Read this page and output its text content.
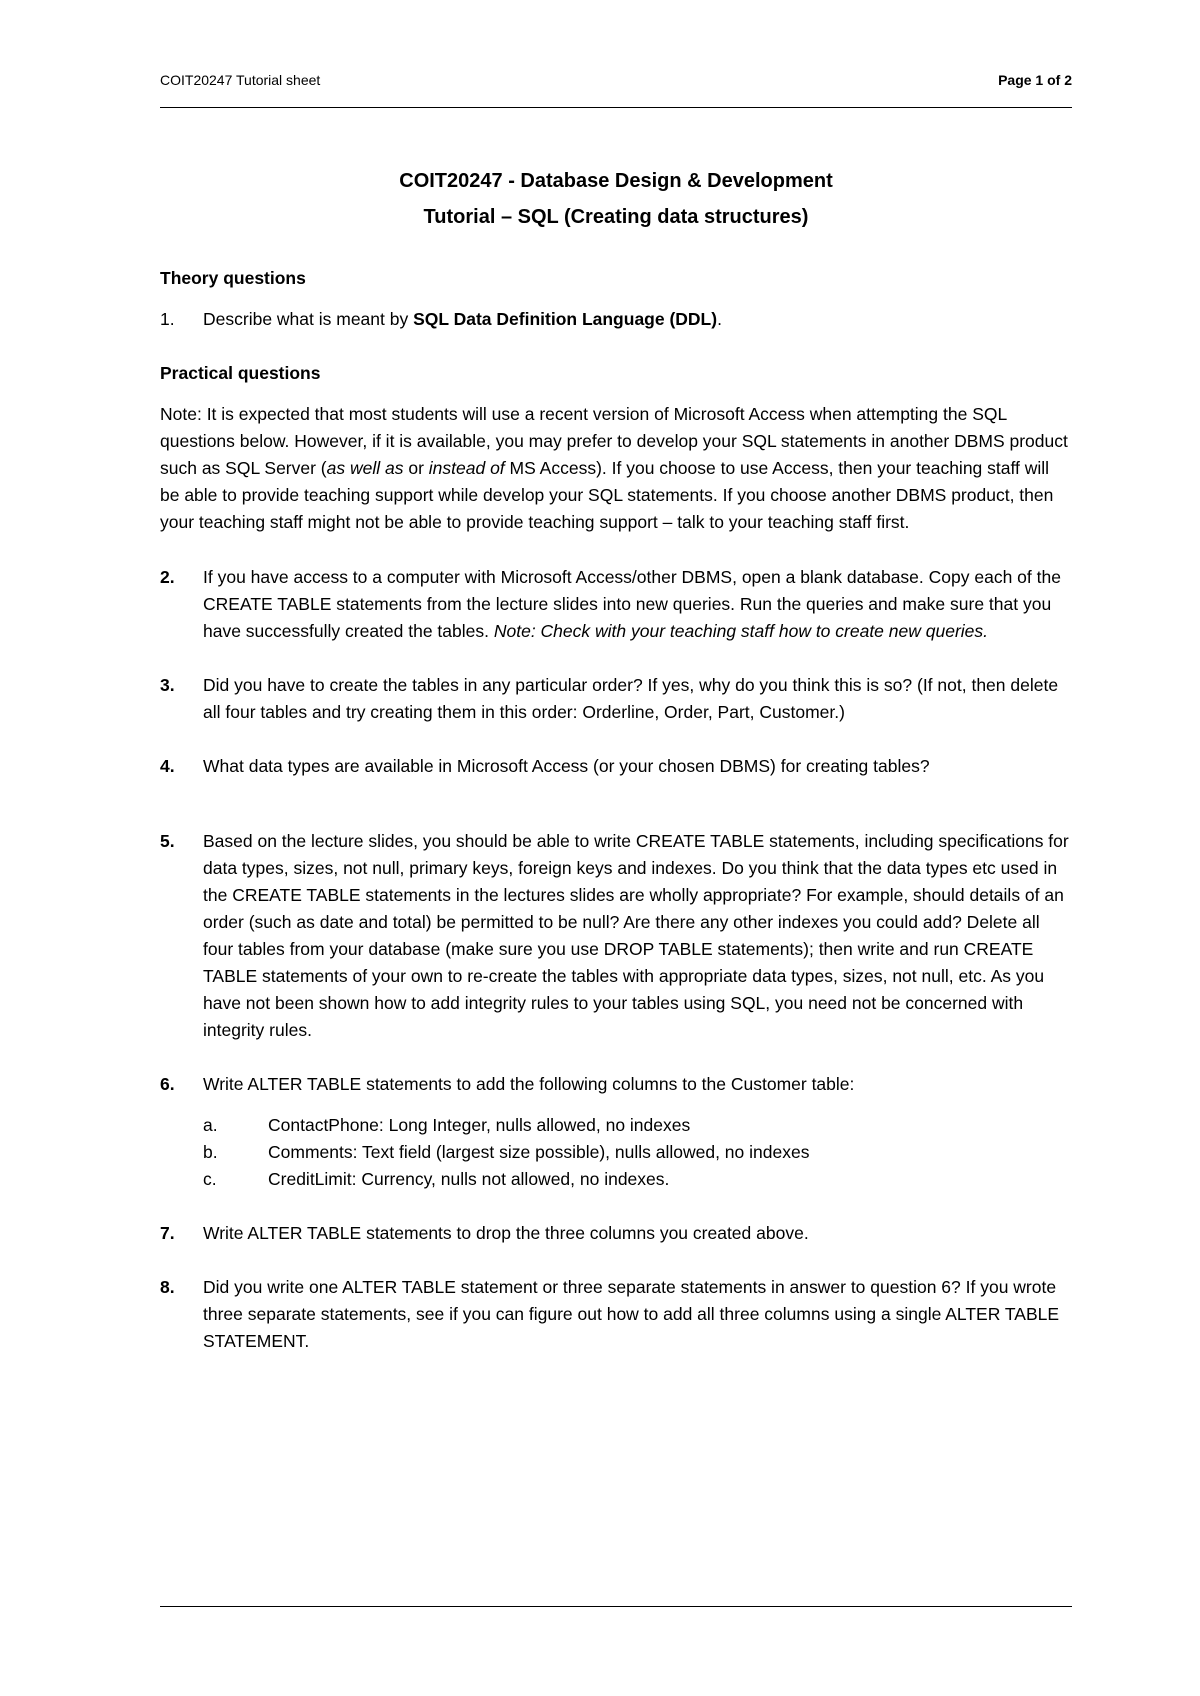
COIT20247 Tutorial sheet	Page 1 of 2
COIT20247 - Database Design & Development
Tutorial – SQL (Creating data structures)
Theory questions
1.	Describe what is meant by SQL Data Definition Language (DDL).
Practical questions
Note: It is expected that most students will use a recent version of Microsoft Access when attempting the SQL questions below. However, if it is available, you may prefer to develop your SQL statements in another DBMS product such as SQL Server (as well as or instead of MS Access). If you choose to use Access, then your teaching staff will be able to provide teaching support while develop your SQL statements. If you choose another DBMS product, then your teaching staff might not be able to provide teaching support – talk to your teaching staff first.
2.	If you have access to a computer with Microsoft Access/other DBMS, open a blank database. Copy each of the CREATE TABLE statements from the lecture slides into new queries. Run the queries and make sure that you have successfully created the tables. Note: Check with your teaching staff how to create new queries.
3.	Did you have to create the tables in any particular order? If yes, why do you think this is so? (If not, then delete all four tables and try creating them in this order: Orderline, Order, Part, Customer.)
4.	What data types are available in Microsoft Access (or your chosen DBMS) for creating tables?
5.	Based on the lecture slides, you should be able to write CREATE TABLE statements, including specifications for data types, sizes, not null, primary keys, foreign keys and indexes. Do you think that the data types etc used in the CREATE TABLE statements in the lectures slides are wholly appropriate? For example, should details of an order (such as date and total) be permitted to be null? Are there any other indexes you could add? Delete all four tables from your database (make sure you use DROP TABLE statements); then write and run CREATE TABLE statements of your own to re-create the tables with appropriate data types, sizes, not null, etc. As you have not been shown how to add integrity rules to your tables using SQL, you need not be concerned with integrity rules.
6.	Write ALTER TABLE statements to add the following columns to the Customer table:
a.	ContactPhone: Long Integer, nulls allowed, no indexes
b.	Comments: Text field (largest size possible), nulls allowed, no indexes
c.	CreditLimit: Currency, nulls not allowed, no indexes.
7.	Write ALTER TABLE statements to drop the three columns you created above.
8.	Did you write one ALTER TABLE statement or three separate statements in answer to question 6? If you wrote three separate statements, see if you can figure out how to add all three columns using a single ALTER TABLE STATEMENT.
